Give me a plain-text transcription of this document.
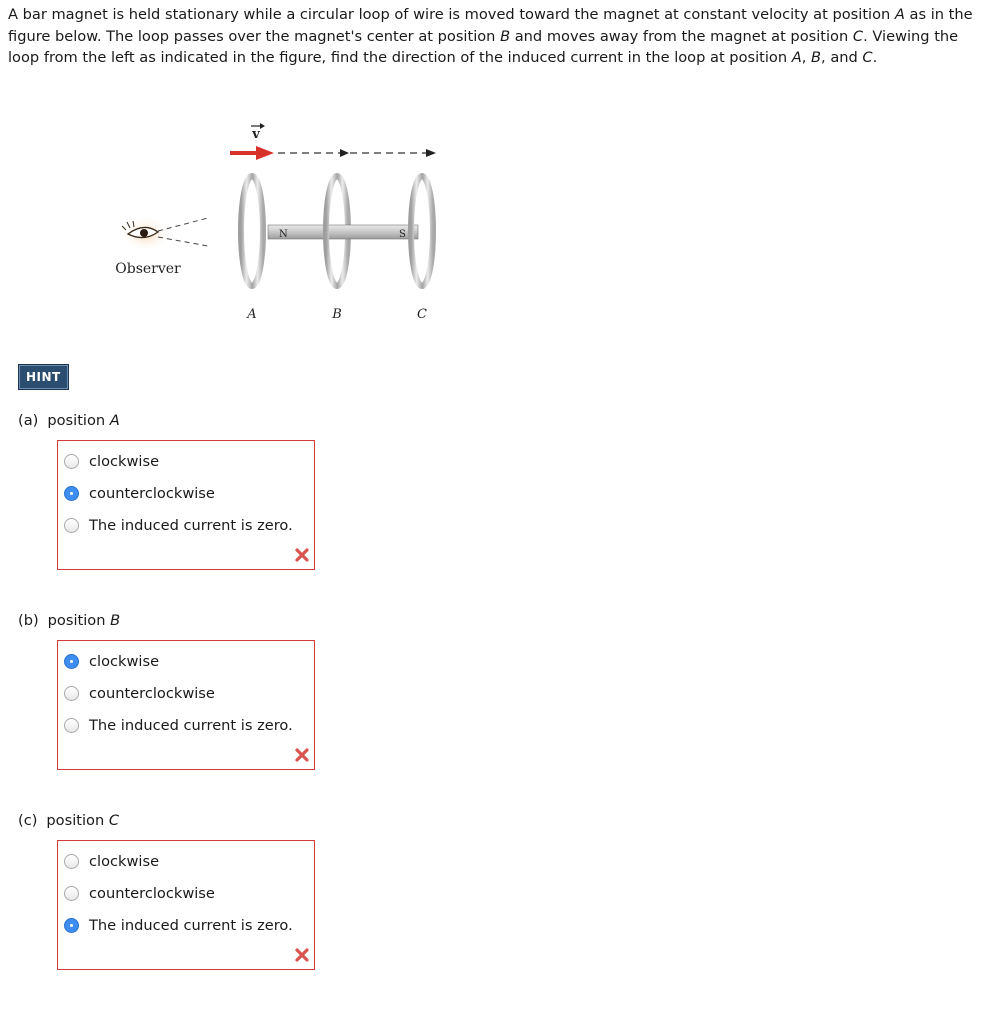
A bar magnet is held stationary while a circular loop of wire is moved toward the magnet at constant velocity at position A as in the figure below. The loop passes over the magnet's center at position B and moves away from the magnet at position C. Viewing the loop from the left as indicated in the figure, find the direction of the induced current in the loop at position A, B, and C.

v
Observer
N	S
A	B	C
HINT
(a) position A
clockwise
counterclockwise
The induced current is zero.
(b) position B
clockwise
counterclockwise
The induced current is zero.
(c) position C
clockwise
counterclockwise
The induced current is zero.
